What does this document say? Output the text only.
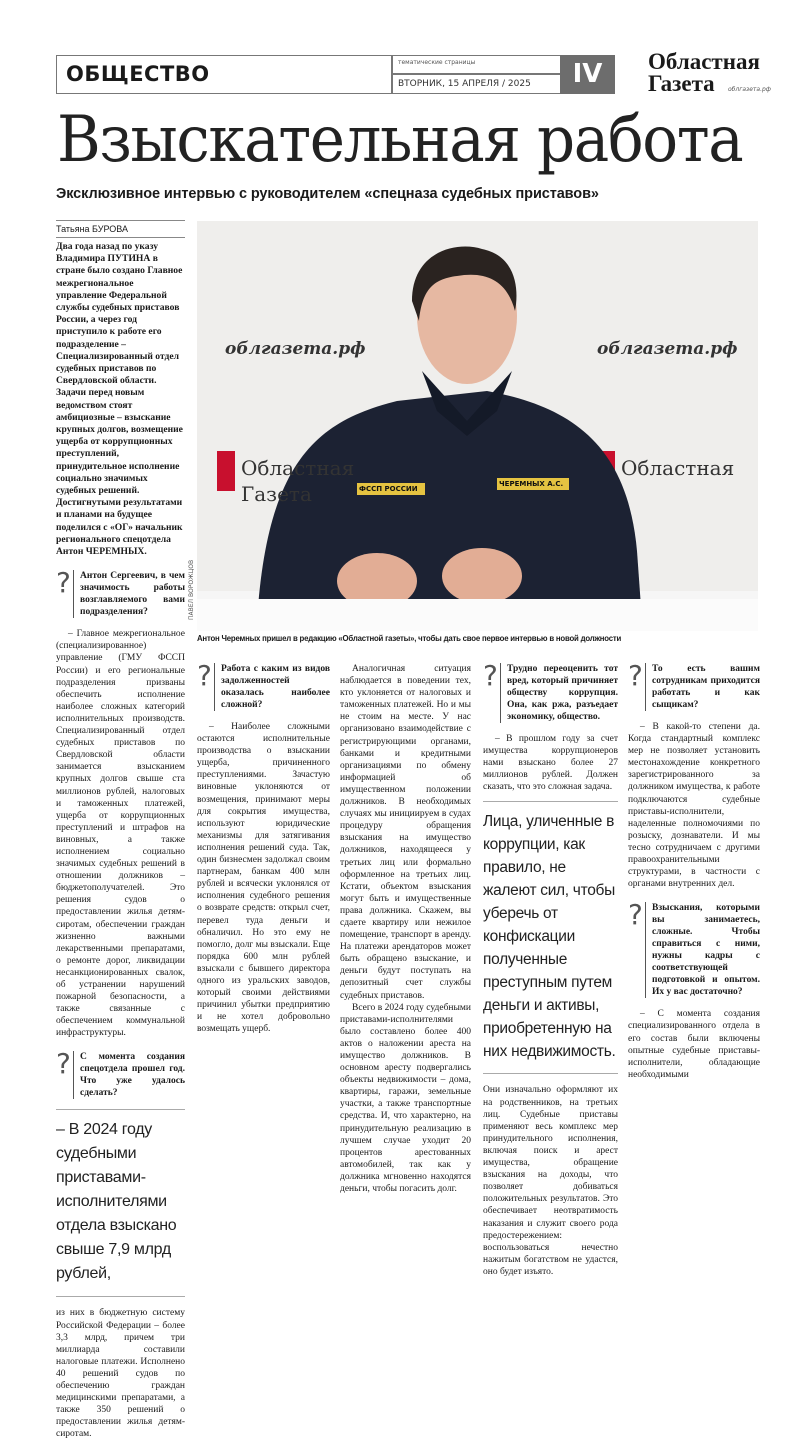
ОБЩЕСТВО	тематические страницы
ВТОРНИК, 15 АПРЕЛЯ / 2025	IV	Областная
Газета облгазета.рф
Взыскательная работа
Эксклюзивное интервью с руководителем «спецназа судебных приставов»
Татьяна БУРОВА
Два года назад по указу Владимира ПУТИНА в стране было создано Главное межрегиональное управление Федеральной службы судебных приставов России, а через год приступило к работе его подразделение – Специализированный отдел судебных приставов по Свердловской области. Задачи перед новым ведомством стоят амбициозные – взыскание крупных долгов, возмещение ущерба от коррупционных преступлений, принудительное исполнение социально значимых судебных решений. Достигнутыми результатами и планами на будущее поделился с «ОГ» начальник регионального спецотдела Антон ЧЕРЕМНЫХ.
? Антон Сергеевич, в чем значимость работы возглавляемого вами подразделения?

– Главное межрегиональное (специализированное) управление (ГМУ ФССП России) и его региональные подразделения призваны обеспечить исполнение наиболее сложных категорий исполнительных производств. Специализированный отдел судебных приставов по Свердловской области занимается взысканием крупных долгов свыше ста миллионов рублей, налоговых и таможенных платежей, ущерба от коррупционных преступлений и штрафов на виновных, а также исполнением социально значимых судебных решений в отношении должников – бюджетополучателей. Это решения судов о предоставлении жилья детям-сиротам, обеспечении граждан жизненно важными лекарственными препаратами, о ремонте дорог, ликвидации несанкционированных свалок, об устранении нарушений пожарной безопасности, а также связанные с обеспечением коммунальной инфраструктуры.

? С момента создания спецотдела прошел год. Что уже удалось сделать?
– В 2024 году судебными приставами-исполнителями отдела взыскано свыше 7,9 млрд рублей,

из них в бюджетную систему Российской Федерации – более 3,3 млрд, причем три миллиарда составили налоговые платежи. Исполнено 40 решений судов по обеспечению граждан медицинскими препаратами, а также 350 решений о предоставлении жилья детям-сиротам.

облгазета.рф	облгазета.рф
Областная
Газета
Областная
ФССП РОССИИ
ЧЕРЕМНЫХ А.С.
ПАВЕЛ ВОРОЖЦОВ
Антон Черемных пришел в редакцию «Областной газеты», чтобы дать свое первое интервью в новой должности
? Работа с каким из видов задолженностей оказалась наиболее сложной?

– Наиболее сложными остаются исполнительные производства о взыскании ущерба, причиненного преступлениями. Зачастую виновные уклоняются от возмещения, принимают меры для сокрытия имущества, используют юридические механизмы для затягивания исполнения решений суда. Так, один бизнесмен задолжал своим партнерам, банкам 400 млн рублей и всячески уклонялся от исполнения судебного решения о возврате средств: открыл счет, перевел туда деньги и обналичил. Но это ему не помогло, долг мы взыскали. Еще порядка 600 млн рублей взыскали с бывшего директора одного из уральских заводов, который своими действиями причинил убытки предприятию и не хотел добровольно возмещать ущерб.

Аналогичная ситуация наблюдается в поведении тех, кто уклоняется от налоговых и таможенных платежей. Но и мы не стоим на месте. У нас организовано взаимодействие с регистрирующими органами, банками и кредитными организациями по обмену информацией об имущественном положении должников. В необходимых случаях мы инициируем в судах процедуру обращения взыскания на имущество должников, находящееся у третьих лиц или формально оформленное на третьих лиц. Кстати, объектом взыскания могут быть и имущественные права должника. Скажем, вы сдаете квартиру или нежилое помещение, транспорт в аренду. На платежи арендаторов может быть обращено взыскание, и деньги будут поступать на депозитный счет службы судебных приставов.

Всего в 2024 году судебными приставами-исполнителями было составлено более 400 актов о наложении ареста на имущество должников. В основном аресту подвергались объекты недвижимости – дома, квартиры, гаражи, земельные участки, а также транспортные средства. И, что характерно, на принудительную реализацию в лучшем случае уходит 20 процентов арестованных автомобилей, так как у должника мгновенно находятся деньги, чтобы погасить долг.

? Трудно переоценить тот вред, который причиняет обществу коррупция. Она, как ржа, разъедает экономику, общество.

– В прошлом году за счет имущества коррупционеров нами взыскано более 27 миллионов рублей. Должен сказать, что это сложная задача.

Лица, уличенные в коррупции, как правило, не жалеют сил, чтобы уберечь от конфискации полученные преступным путем деньги и активы, приобретенную на них недвижимость.

Они изначально оформляют их на родственников, на третьих лиц. Судебные приставы применяют весь комплекс мер принудительного исполнения, включая поиск и арест имущества, обращение взыскания на доходы, что позволяет добиваться положительных результатов. Это обеспечивает неотвратимость наказания и служит своего рода предостережением: воспользоваться нечестно нажитым богатством не удастся, оно будет изъято.

? То есть вашим сотрудникам приходится работать и как сыщикам?

– В какой-то степени да. Когда стандартный комплекс мер не позволяет установить местонахождение конкретного зарегистрированного за должником имущества, к работе подключаются судебные приставы-исполнители, наделенные полномочиями по розыску, дознаватели. И мы тесно сотрудничаем с другими правоохранительными структурами, в частности с органами внутренних дел.

? Взыскания, которыми вы занимаетесь, сложные. Чтобы справиться с ними, нужны кадры с соответствующей подготовкой и опытом. Их у вас достаточно?

– С момента создания специализированного отдела в его состав были включены опытные судебные приставы-исполнители, обладающие необходимыми
